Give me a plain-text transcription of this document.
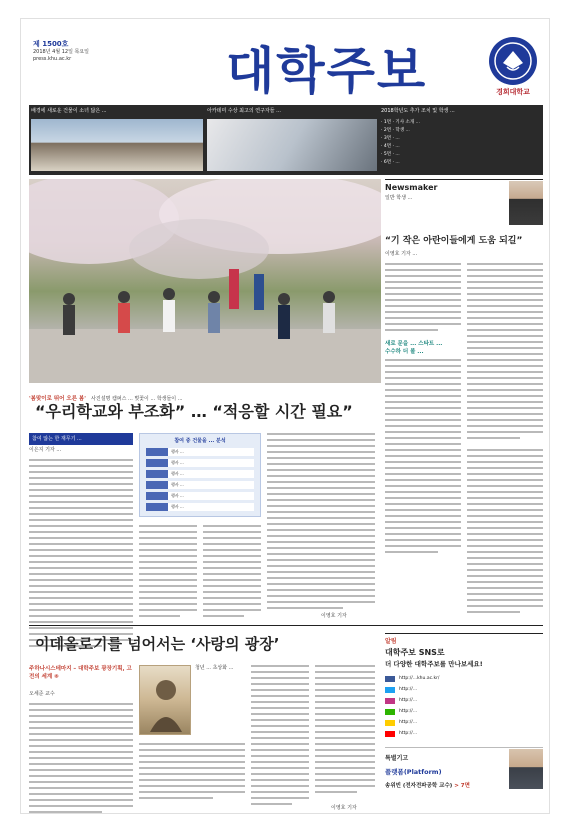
제 1500호
2018년 4월 12일 목요일
press.khu.ac.kr	대학주보	경희대학교
배경에 새로운 건물이 소녀 닮은 ...	아카데미 수상 최고의 연구자들 ...	2018학년도 추가 조치 및 학생 ...
· 1면 · 기사 소개 ...
· 2면 · 학생 ...
· 3면 · ...
· 4면 · ...
· 5면 · ...
· 6면 · ...
'봄맞이로 뛰어 오른 봄' 사진설명 캠퍼스 ... 벚꽃이 ... 학생들이 ...
Newsmaker
일반 학생 ...
“기 작은 아란이들에게 도움 되길”
이영호 기자 ...
새로 문을 ... 스타트 ...
수수하 더 볼 ...
“우리학교와 부조화” … “적응할 시간 필요”
참여 않는 한 재무기 ...
이은지 기자 ...
참여 중 건물을 ... 분석
행사 ...
행사 ...
행사 ...
행사 ...
행사 ...
행사 ...
이영호 기자
이데올로기를 넘어서는 ‘사랑의 광장’
주하나시스테마지 – 대학주보 광장기획, 고전의 세계 ⑧
오세준 교수
청년 ... 초상화 ...
이영호 기자
알림
대학주보 SNS로
더 다양한 대학주보를 만나보세요!
http://...khu.ac.kr/
http://...
http://...
http://...
http://...
http://...
특별기고
플랫폼(Platform)
송위빈 (전자전파공학 교수) > 7면
